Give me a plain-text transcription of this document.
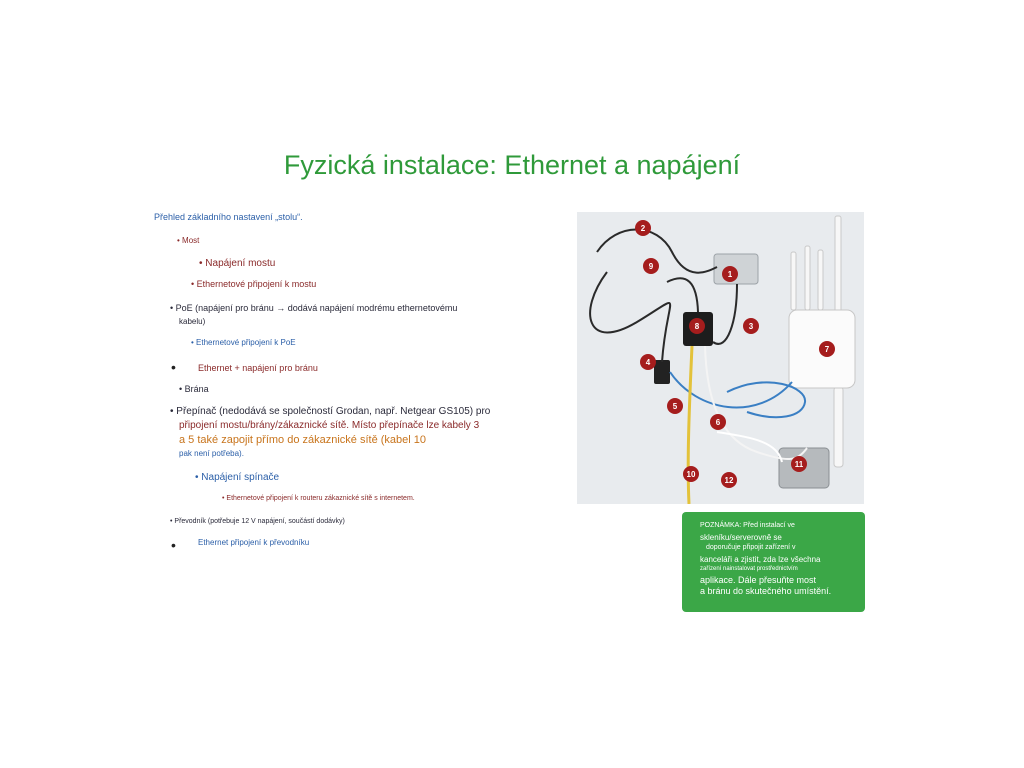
Fyzická instalace: Ethernet a napájení
Přehled základního nastavení „stolu“.
• Most
• Napájení mostu
• Ethernetové připojení k mostu
• PoE (napájení pro bránu → dodává napájení modrému ethernetovému
kabelu)
• Ethernetové připojení k PoE
• Ethernet + napájení pro bránu
• Brána
• Přepínač (nedodává se společností Grodan, např. Netgear GS105) pro
připojení mostu/brány/zákaznické sítě. Místo přepínače lze kabely 3
a 5 také zapojit přímo do zákaznické sítě (kabel 10
pak není potřeba).
• Napájení spínače
• Ethernetové připojení k routeru zákaznické sítě s internetem.
• Převodník (potřebuje 12 V napájení, součástí dodávky)
•	Ethernet připojení k převodníku
1
2
3
4
5
6
7
8
9
10
11
12
POZNÁMKA: Před instalací ve
skleníku/serverovně se
doporučuje připojit zařízení v
kanceláři a zjistit, zda lze všechna
zařízení nainstalovat prostřednictvím
aplikace. Dále přesuňte most
a bránu do skutečného umístění.
